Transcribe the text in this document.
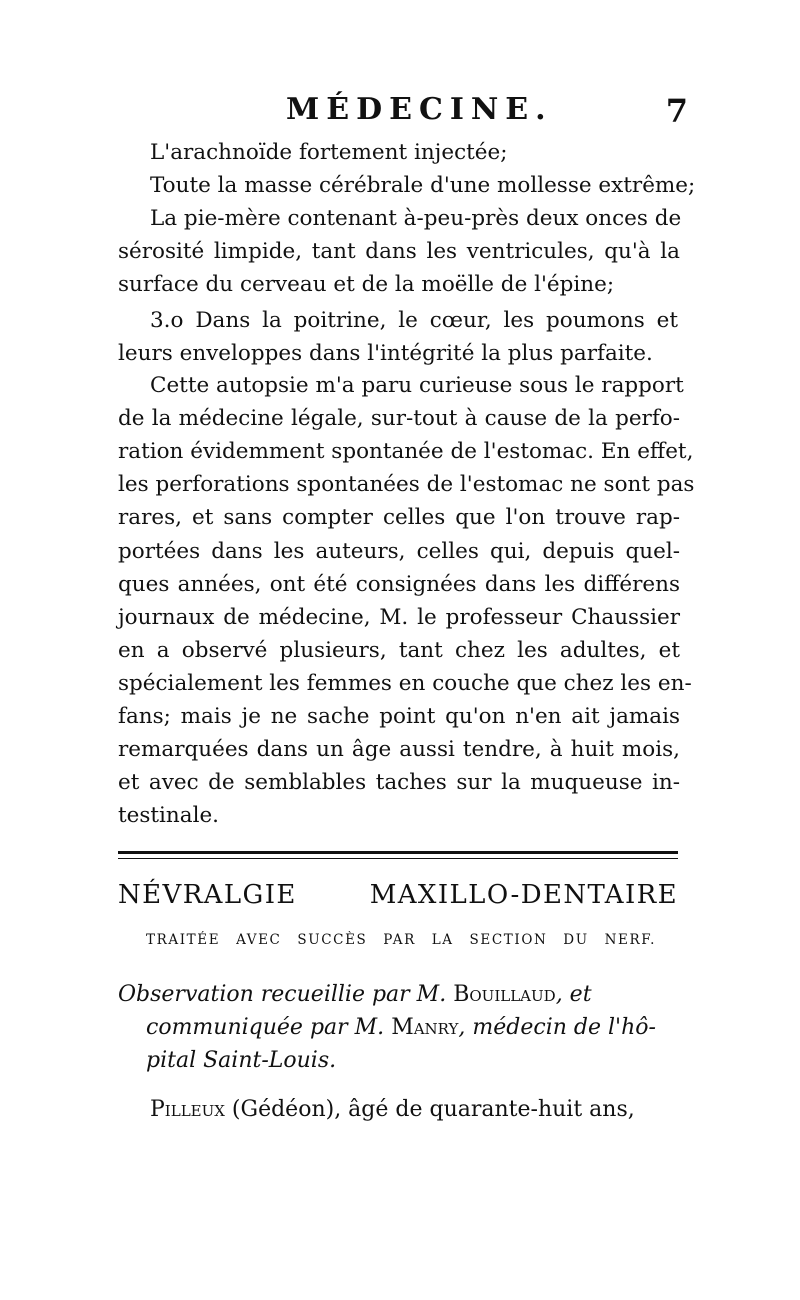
MÉDECINE.	7
L'arachnoïde fortement injectée;
Toute la masse cérébrale d'une mollesse extrême;
La pie-mère contenant à-peu-près deux onces de
sérosité limpide, tant dans les ventricules, qu'à la
surface du cerveau et de la moëlle de l'épine;
3.o Dans la poitrine, le cœur, les poumons et
leurs enveloppes dans l'intégrité la plus parfaite.
Cette autopsie m'a paru curieuse sous le rapport
de la médecine légale, sur-tout à cause de la perfo-
ration évidemment spontanée de l'estomac. En effet,
les perforations spontanées de l'estomac ne sont pas
rares, et sans compter celles que l'on trouve rap-
portées dans les auteurs, celles qui, depuis quel-
ques années, ont été consignées dans les différens
journaux de médecine, M. le professeur Chaussier
en a observé plusieurs, tant chez les adultes, et
spécialement les femmes en couche que chez les en-
fans; mais je ne sache point qu'on n'en ait jamais
remarquées dans un âge aussi tendre, à huit mois,
et avec de semblables taches sur la muqueuse in-
testinale.
NÉVRALGIE MAXILLO-DENTAIRE
TRAITÉE AVEC SUCCÈS PAR LA SECTION DU NERF.
Observation recueillie par M. Bouillaud, et
communiquée par M. Manry, médecin de l'hô-
pital Saint-Louis.
Pilleux (Gédéon), âgé de quarante-huit ans,
